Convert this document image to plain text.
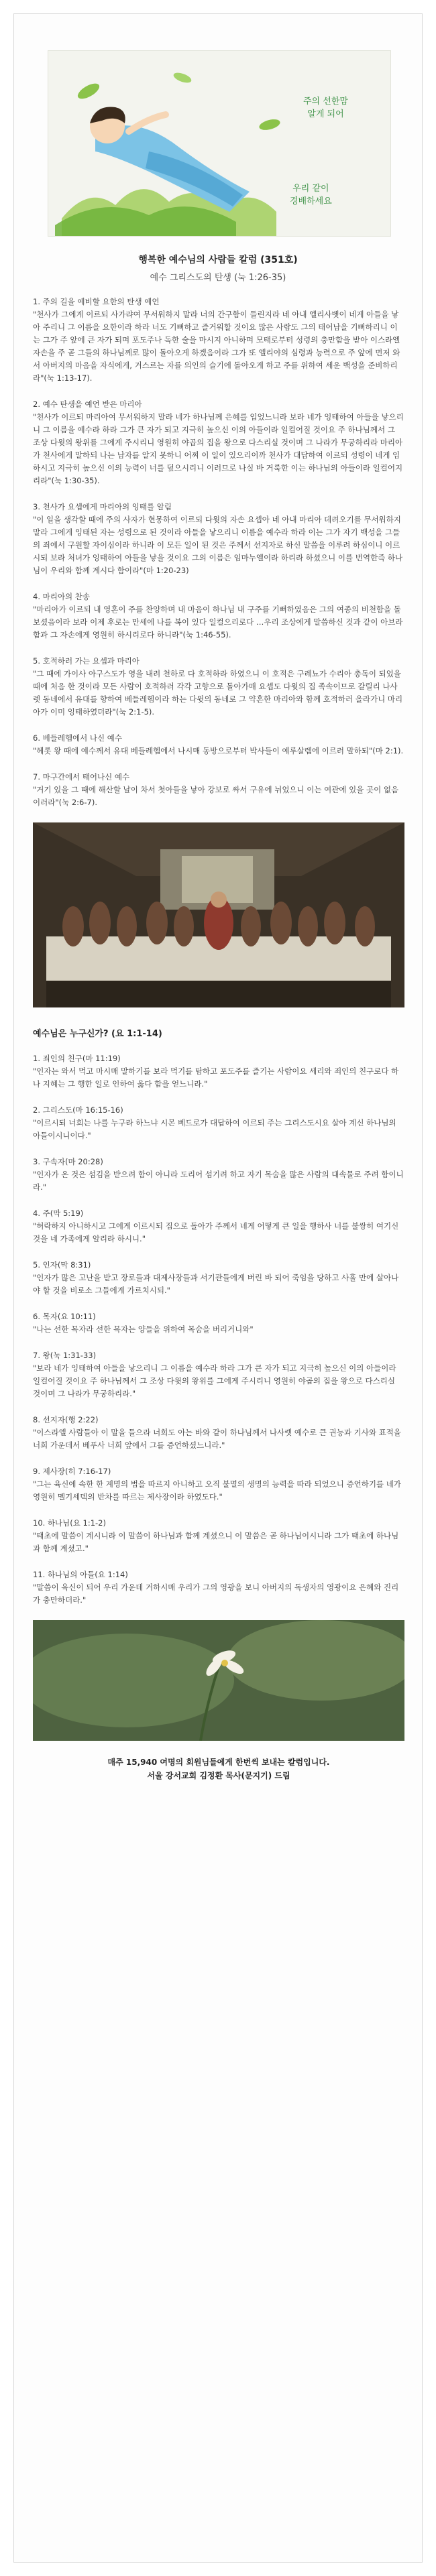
주의 선한맘
알게 되어
우리 같이
경배하세요
행복한 예수님의 사람들 칼럼 (351호)
예수 그리스도의 탄생 (눅 1:26-35)
1. 주의 길을 예비할 요한의 탄생 예언
"천사가 그에게 이르되 사가랴여 무서워하지 말라 너의 간구함이 들린지라 네 아내 엘리사벳이 네게 아들을 낳아 주리니 그 이름을 요한이라 하라 너도 기뻐하고 즐거워할 것이요 많은 사람도 그의 태어남을 기뻐하리니 이는 그가 주 앞에 큰 자가 되며 포도주나 독한 술을 마시지 아니하며 모태로부터 성령의 충만함을 받아 이스라엘 자손을 주 곧 그들의 하나님께로 많이 돌아오게 하겠음이라 그가 또 엘리야의 심령과 능력으로 주 앞에 먼저 와서 아버지의 마음을 자식에게, 거스르는 자를 의인의 슬기에 돌아오게 하고 주를 위하여 세운 백성을 준비하리라"(눅 1:13-17).
2. 예수 탄생을 예언 받은 마리아
"천사가 이르되 마리아여 무서워하지 말라 네가 하나님께 은혜를 입었느니라 보라 네가 잉태하여 아들을 낳으리니 그 이름을 예수라 하라 그가 큰 자가 되고 지극히 높으신 이의 아들이라 일컬어질 것이요 주 하나님께서 그 조상 다윗의 왕위를 그에게 주시리니 영원히 야곱의 집을 왕으로 다스리실 것이며 그 나라가 무궁하리라 마리아가 천사에게 말하되 나는 남자를 알지 못하니 어찌 이 일이 있으리이까 천사가 대답하여 이르되 성령이 네게 임하시고 지극히 높으신 이의 능력이 너를 덮으시리니 이러므로 나실 바 거룩한 이는 하나님의 아들이라 일컬어지리라"(눅 1:30-35).
3. 천사가 요셉에게 마리아의 잉태를 알림
"이 일을 생각할 때에 주의 사자가 현몽하여 이르되 다윗의 자손 요셉아 네 아내 마리아 데려오기를 무서워하지 말라 그에게 잉태된 자는 성령으로 된 것이라 아들을 낳으리니 이름을 예수라 하라 이는 그가 자기 백성을 그들의 죄에서 구원할 자이심이라 하니라 이 모든 일이 된 것은 주께서 선지자로 하신 말씀을 이루려 하심이니 이르시되 보라 처녀가 잉태하여 아들을 낳을 것이요 그의 이름은 임마누엘이라 하리라 하셨으니 이를 번역한즉 하나님이 우리와 함께 계시다 함이라"(마 1:20-23)
4. 마리아의 찬송
"마리아가 이르되 내 영혼이 주를 찬양하며 내 마음이 하나님 내 구주를 기뻐하였음은 그의 여종의 비천함을 돌보셨음이라 보라 이제 후로는 만세에 나를 복이 있다 일컬으리로다 …우리 조상에게 말씀하신 것과 같이 아브라함과 그 자손에게 영원히 하시리로다 하니라"(눅 1:46-55).
5. 호적하러 가는 요셉과 마리아
"그 때에 가이사 아구스도가 영을 내려 천하로 다 호적하라 하였으니 이 호적은 구레뇨가 수리아 총독이 되었을 때에 처음 한 것이라 모든 사람이 호적하러 각각 고향으로 돌아가매 요셉도 다윗의 집 족속이므로 갈릴리 나사렛 동네에서 유대를 향하여 베들레헴이라 하는 다윗의 동네로 그 약혼한 마리아와 함께 호적하러 올라가니 마리아가 이미 잉태하였더라"(눅 2:1-5).
6. 베들레헴에서 나신 예수
"헤롯 왕 때에 예수께서 유대 베들레헴에서 나시매 동방으로부터 박사들이 예루살렘에 이르러 말하되"(마 2:1).
7. 마구간에서 태어나신 예수
"거기 있을 그 때에 해산할 날이 차서 첫아들을 낳아 강보로 싸서 구유에 뉘었으니 이는 여관에 있을 곳이 없음이러라"(눅 2:6-7).
예수님은 누구신가? (요 1:1-14)
1. 죄인의 친구(마 11:19)
"인자는 와서 먹고 마시매 말하기를 보라 먹기를 탐하고 포도주를 즐기는 사람이요 세리와 죄인의 친구로다 하나 지혜는 그 행한 일로 인하여 옳다 함을 얻느니라."
2. 그리스도(마 16:15-16)
"이르시되 너희는 나를 누구라 하느냐 시몬 베드로가 대답하여 이르되 주는 그리스도시요 살아 계신 하나님의 아들이시니이다."
3. 구속자(마 20:28)
"인자가 온 것은 섬김을 받으려 함이 아니라 도리어 섬기려 하고 자기 목숨을 많은 사람의 대속물로 주려 함이니라."
4. 주(막 5:19)
"허락하지 아니하시고 그에게 이르시되 집으로 돌아가 주께서 네게 어떻게 큰 일을 행하사 너를 불쌍히 여기신 것을 네 가족에게 알리라 하시니."
5. 인자(막 8:31)
"인자가 많은 고난을 받고 장로들과 대제사장들과 서기관들에게 버린 바 되어 죽임을 당하고 사흘 만에 살아나야 할 것을 비로소 그들에게 가르치시되."
6. 목자(요 10:11)
"나는 선한 목자라 선한 목자는 양들을 위하여 목숨을 버리거니와"
7. 왕(눅 1:31-33)
"보라 네가 잉태하여 아들을 낳으리니 그 이름을 예수라 하라 그가 큰 자가 되고 지극히 높으신 이의 아들이라 일컬어질 것이요 주 하나님께서 그 조상 다윗의 왕위를 그에게 주시리니 영원히 야곱의 집을 왕으로 다스리실 것이며 그 나라가 무궁하리라."
8. 선지자(행 2:22)
"이스라엘 사람들아 이 말을 들으라 너희도 아는 바와 같이 하나님께서 나사렛 예수로 큰 권능과 기사와 표적을 너희 가운데서 베푸사 너희 앞에서 그를 증언하셨느니라."
9. 제사장(히 7:16-17)
"그는 육신에 속한 한 계명의 법을 따르지 아니하고 오직 불멸의 생명의 능력을 따라 되었으니 증언하기를 네가 영원히 멜기세덱의 반차를 따르는 제사장이라 하였도다."
10. 하나님(요 1:1-2)
"태초에 말씀이 계시니라 이 말씀이 하나님과 함께 계셨으니 이 말씀은 곧 하나님이시니라 그가 태초에 하나님과 함께 계셨고."
11. 하나님의 아들(요 1:14)
"말씀이 육신이 되어 우리 가운데 거하시매 우리가 그의 영광을 보니 아버지의 독생자의 영광이요 은혜와 진리가 충만하더라."
매주 15,940 여명의 회원님들에게 한번씩 보내는 칼럼입니다.
서울 강서교회 김정환 목사(문지기) 드림
